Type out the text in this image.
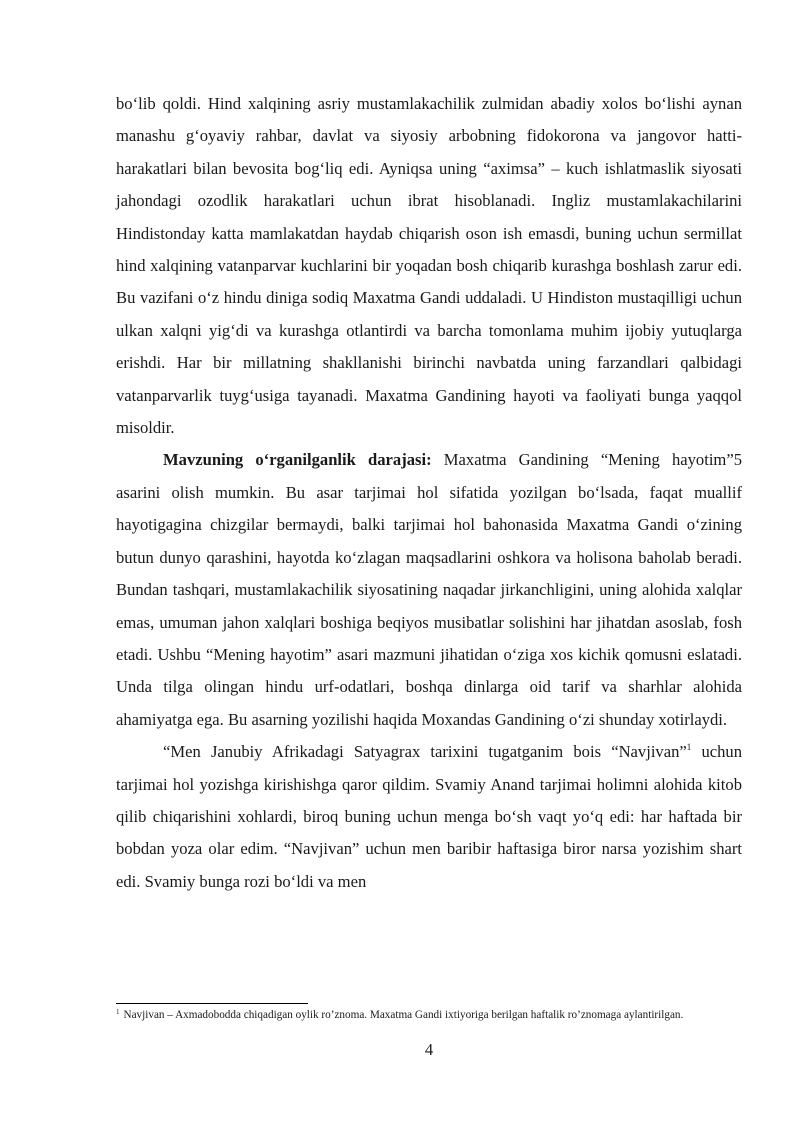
bo‘lib qoldi. Hind xalqining asriy mustamlakachilik zulmidan abadiy xolos bo‘lishi aynan manashu g‘oyaviy rahbar, davlat va siyosiy arbobning fidokorona va jangovor hatti-harakatlari bilan bevosita bog‘liq edi. Ayniqsa uning “aximsa” – kuch ishlatmaslik siyosati jahondagi ozodlik harakatlari uchun ibrat hisoblanadi. Ingliz mustamlakachilarini Hindistonday katta mamlakatdan haydab chiqarish oson ish emasdi, buning uchun sermillat hind xalqining vatanparvar kuchlarini bir yoqadan bosh chiqarib kurashga boshlash zarur edi. Bu vazifani o‘z hindu diniga sodiq Maxatma Gandi uddaladi. U Hindiston mustaqilligi uchun ulkan xalqni yig‘di va kurashga otlantirdi va barcha tomonlama muhim ijobiy yutuqlarga erishdi. Har bir millatning shakllanishi birinchi navbatda uning farzandlari qalbidagi vatanparvarlik tuyg‘usiga tayanadi. Maxatma Gandining hayoti va faoliyati bunga yaqqol misoldir.

Mavzuning o‘rganilganlik darajasi: Maxatma Gandining “Mening hayotim”5 asarini olish mumkin. Bu asar tarjimai hol sifatida yozilgan bo‘lsada, faqat muallif hayotigagina chizgilar bermaydi, balki tarjimai hol bahonasida Maxatma Gandi o‘zining butun dunyo qarashini, hayotda ko‘zlagan maqsadlarini oshkora va holisona baholab beradi. Bundan tashqari, mustamlakachilik siyosatining naqadar jirkanchligini, uning alohida xalqlar emas, umuman jahon xalqlari boshiga beqiyos musibatlar solishini har jihatdan asoslab, fosh etadi. Ushbu “Mening hayotim” asari mazmuni jihatidan o‘ziga xos kichik qomusni eslatadi. Unda tilga olingan hindu urf-odatlari, boshqa dinlarga oid tarif va sharhlar alohida ahamiyatga ega. Bu asarning yozilishi haqida Moxandas Gandining o‘zi shunday xotirlaydi.

“Men Janubiy Afrikadagi Satyagrax tarixini tugatganim bois “Navjivan”$^1$ uchun tarjimai hol yozishga kirishishga qaror qildim. Svamiy Anand tarjimai holimni alohida kitob qilib chiqarishini xohlardi, biroq buning uchun menga bo‘sh vaqt yo‘q edi: har haftada bir bobdan yoza olar edim. “Navjivan” uchun men baribir haftasiga biror narsa yozishim shart edi. Svamiy bunga rozi bo‘ldi va men

$^1$ Navjivan – Axmadobodda chiqadigan oylik ro’znoma. Maxatma Gandi ixtiyoriga berilgan haftalik ro’znomaga aylantirilgan.
4
